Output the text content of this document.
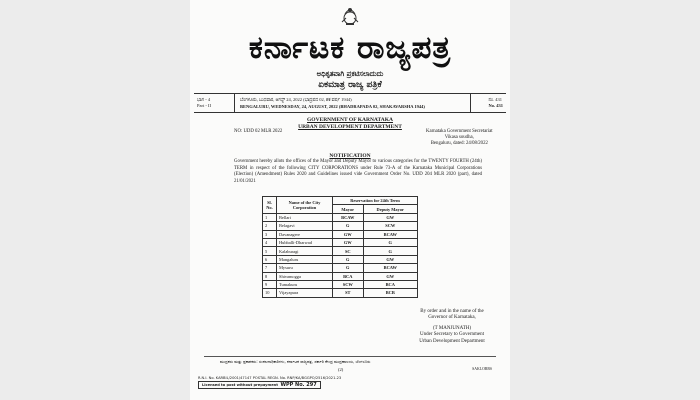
ಕರ್ನಾಟಕ ರಾಜ್ಯಪತ್ರ
ಅಧಿಕೃತವಾಗಿ ಪ್ರಕಟಿಸಲಾದುದು
ಏಕಮಾತ್ರ ರಾಜ್ಯ ಪತ್ರಿಕೆ
ಭಾಗ - 4
Part - II
ಬೆಂಗಳೂರು, ಬುಧವಾರ, ಆಗಸ್ಟ್ 24, 2022 (ಭಾದ್ರಪದ 02, ಶಕ ವರ್ಷ 1944)
BENGALURU, WEDNESDAY, 24, AUGUST, 2022 (BHADRAPADA 02, SHAKAVARSHA 1944)
ನಂ. 431
No. 431
GOVERNMENT OF KARNATAKA
URBAN DEVELOPMENT DEPARTMENT
NO: UDD 02 MLR 2022	Karnataka Government Secretariat
Vikasa soudha,
Bengaluru, dated: 24/08/2022
NOTIFICATION
Government hereby allots the offices of the Mayor and Deputy Mayor to various categories for the TWENTY FOURTH (24th) TERM in respect of the following CITY CORPORATIONS under Rule 73-A of the Karnataka Municipal Corporations (Election) (Amendment) Rules 2020 and Guidelines issued vide Government Order No. UDD 204 MLR 2020 (part), dated 21/01/2021
Sl. No.	Name of the City Corporation	Reservation for 24th Term	
		Mayor	Deputy Mayor
1	Bellari	BCAW	GW
2	Belagavi	G	SCW
3	Davanagere	GW	BCAW
4	Hubballi-Dharwad	GW	G
5	Kalaburagi	SC	G
6	Mangaluru	G	GW
7	Mysuru	G	BCAW
8	Shivamogga	BCA	GW
9	Tumakuru	SCW	BCA
10	Vijayapura	ST	BCB
By order and in the name of the
Governor of Karnataka,
(T MANJUNATH)
Under Secretary to Government
Urban Development Department
ಮುದ್ರಕರು ಮತ್ತು ಪ್ರಕಾಶಕರು: ಸಂಕಲನಾಧಿಕಾರಿಗಳು, ಕರ್ನಾಟಕ ರಾಜ್ಯಪತ್ರ, ಸರ್ಕಾರಿ ಕೇಂದ್ರ ಮುದ್ರಣಾಲಯ, ಬೆಂಗಳೂರು
(2)	SAKLORBS
R.N.I. No. KARBIL/2001/47147 POSTAL REGN. No. RNP/KA/BGGPO/2516/2021-23
Licensed to post without prepayment WPP No. 297
